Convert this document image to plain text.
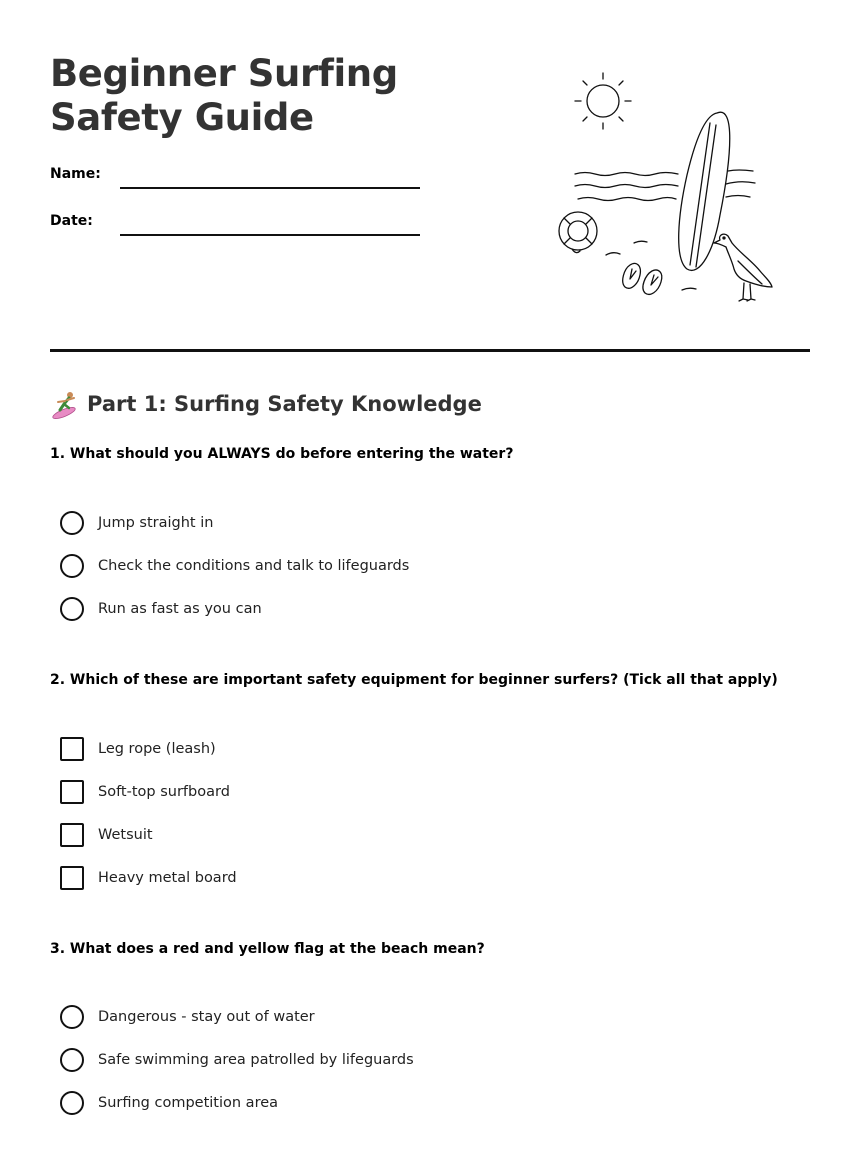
Beginner Surfing Safety Guide
Name:
Date:
Part 1: Surfing Safety Knowledge

1. What should you ALWAYS do before entering the water?

Jump straight in
Check the conditions and talk to lifeguards
Run as fast as you can

2. Which of these are important safety equipment for beginner surfers? (Tick all that apply)

Leg rope (leash)
Soft-top surfboard
Wetsuit
Heavy metal board

3. What does a red and yellow flag at the beach mean?

Dangerous - stay out of water
Safe swimming area patrolled by lifeguards
Surfing competition area
